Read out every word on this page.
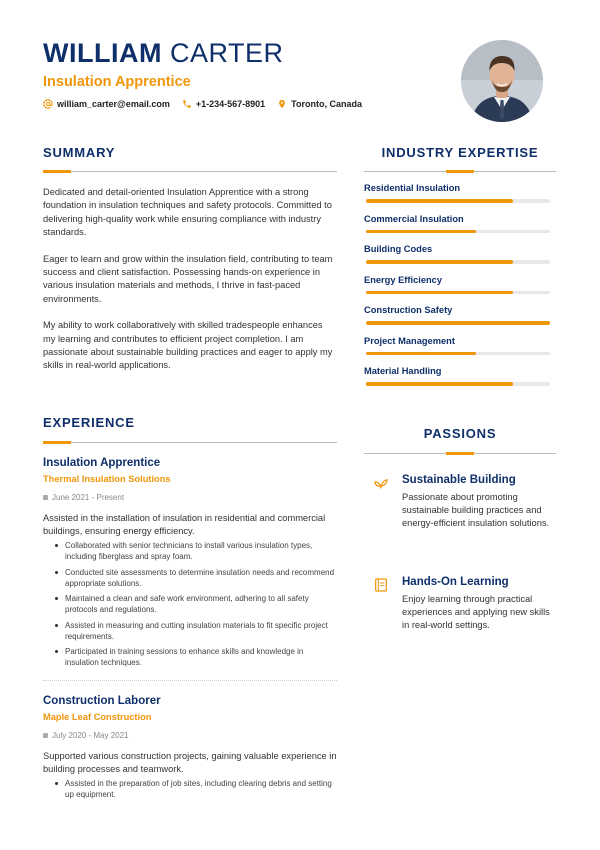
WILLIAM CARTER
Insulation Apprentice
william_carter@email.com	+1-234-567-8901	Toronto, Canada
SUMMARY

Dedicated and detail-oriented Insulation Apprentice with a strong foundation in insulation techniques and safety protocols. Committed to delivering high-quality work while ensuring compliance with industry standards.

Eager to learn and grow within the insulation field, contributing to team success and client satisfaction. Possessing hands-on experience in various insulation materials and methods, I thrive in fast-paced environments.

My ability to work collaboratively with skilled tradespeople enhances my learning and contributes to efficient project completion. I am passionate about sustainable building practices and eager to apply my skills in real-world applications.

INDUSTRY EXPERTISE
Residential Insulation
Commercial Insulation
Building Codes
Energy Efficiency
Construction Safety
Project Management
Material Handling
EXPERIENCE
Insulation Apprentice
Thermal Insulation Solutions
June 2021 - Present
Assisted in the installation of insulation in residential and commercial buildings, ensuring energy efficiency.
Collaborated with senior technicians to install various insulation types, including fiberglass and spray foam.
Conducted site assessments to determine insulation needs and recommend appropriate solutions.
Maintained a clean and safe work environment, adhering to all safety protocols and regulations.
Assisted in measuring and cutting insulation materials to fit specific project requirements.
Participated in training sessions to enhance skills and knowledge in insulation techniques.
Construction Laborer
Maple Leaf Construction
July 2020 - May 2021
Supported various construction projects, gaining valuable experience in building processes and teamwork.
Assisted in the preparation of job sites, including clearing debris and setting up equipment.
PASSIONS
Sustainable Building
Passionate about promoting sustainable building practices and energy-efficient insulation solutions.
Hands-On Learning
Enjoy learning through practical experiences and applying new skills in real-world settings.
